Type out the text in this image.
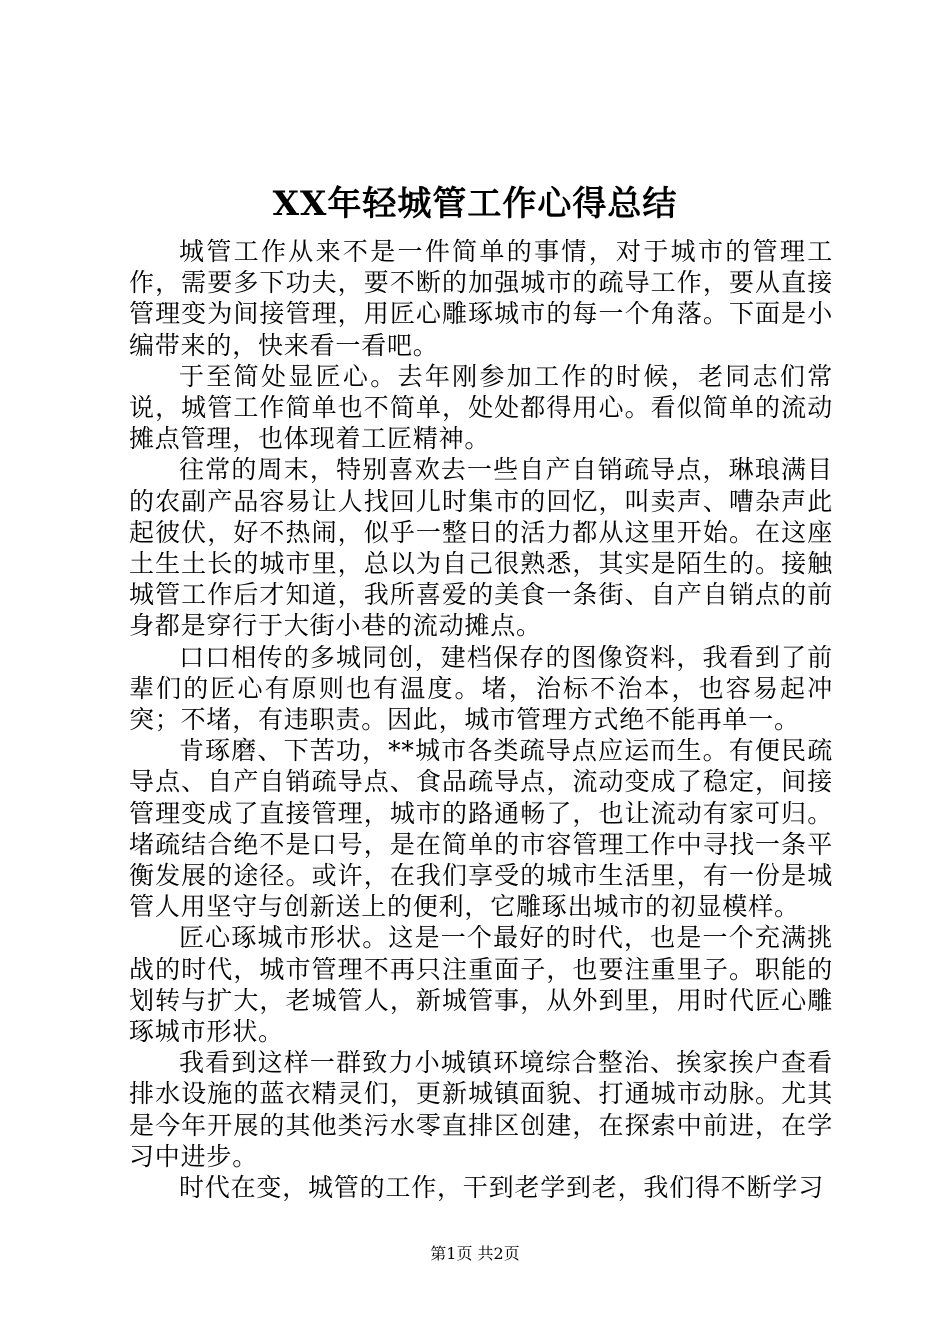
XX年轻城管工作心得总结

城管工作从来不是一件简单的事情，对于城市的管理工作，需要多下功夫，要不断的加强城市的疏导工作，要从直接管理变为间接管理，用匠心雕琢城市的每一个角落。下面是小编带来的，快来看一看吧。

于至简处显匠心。去年刚参加工作的时候，老同志们常说，城管工作简单也不简单，处处都得用心。看似简单的流动摊点管理，也体现着工匠精神。

往常的周末，特别喜欢去一些自产自销疏导点，琳琅满目的农副产品容易让人找回儿时集市的回忆，叫卖声、嘈杂声此起彼伏，好不热闹，似乎一整日的活力都从这里开始。在这座土生土长的城市里，总以为自己很熟悉，其实是陌生的。接触城管工作后才知道，我所喜爱的美食一条街、自产自销点的前身都是穿行于大街小巷的流动摊点。

口口相传的多城同创，建档保存的图像资料，我看到了前辈们的匠心有原则也有温度。堵，治标不治本，也容易起冲突；不堵，有违职责。因此，城市管理方式绝不能再单一。

肯琢磨、下苦功，**城市各类疏导点应运而生。有便民疏导点、自产自销疏导点、食品疏导点，流动变成了稳定，间接管理变成了直接管理，城市的路通畅了，也让流动有家可归。堵疏结合绝不是口号，是在简单的市容管理工作中寻找一条平衡发展的途径。或许，在我们享受的城市生活里，有一份是城管人用坚守与创新送上的便利，它雕琢出城市的初显模样。

匠心琢城市形状。这是一个最好的时代，也是一个充满挑战的时代，城市管理不再只注重面子，也要注重里子。职能的划转与扩大，老城管人，新城管事，从外到里，用时代匠心雕琢城市形状。

我看到这样一群致力小城镇环境综合整治、挨家挨户查看排水设施的蓝衣精灵们，更新城镇面貌、打通城市动脉。尤其是今年开展的其他类污水零直排区创建，在探索中前进，在学习中进步。

时代在变，城管的工作，干到老学到老，我们得不断学习

第1页 共2页
